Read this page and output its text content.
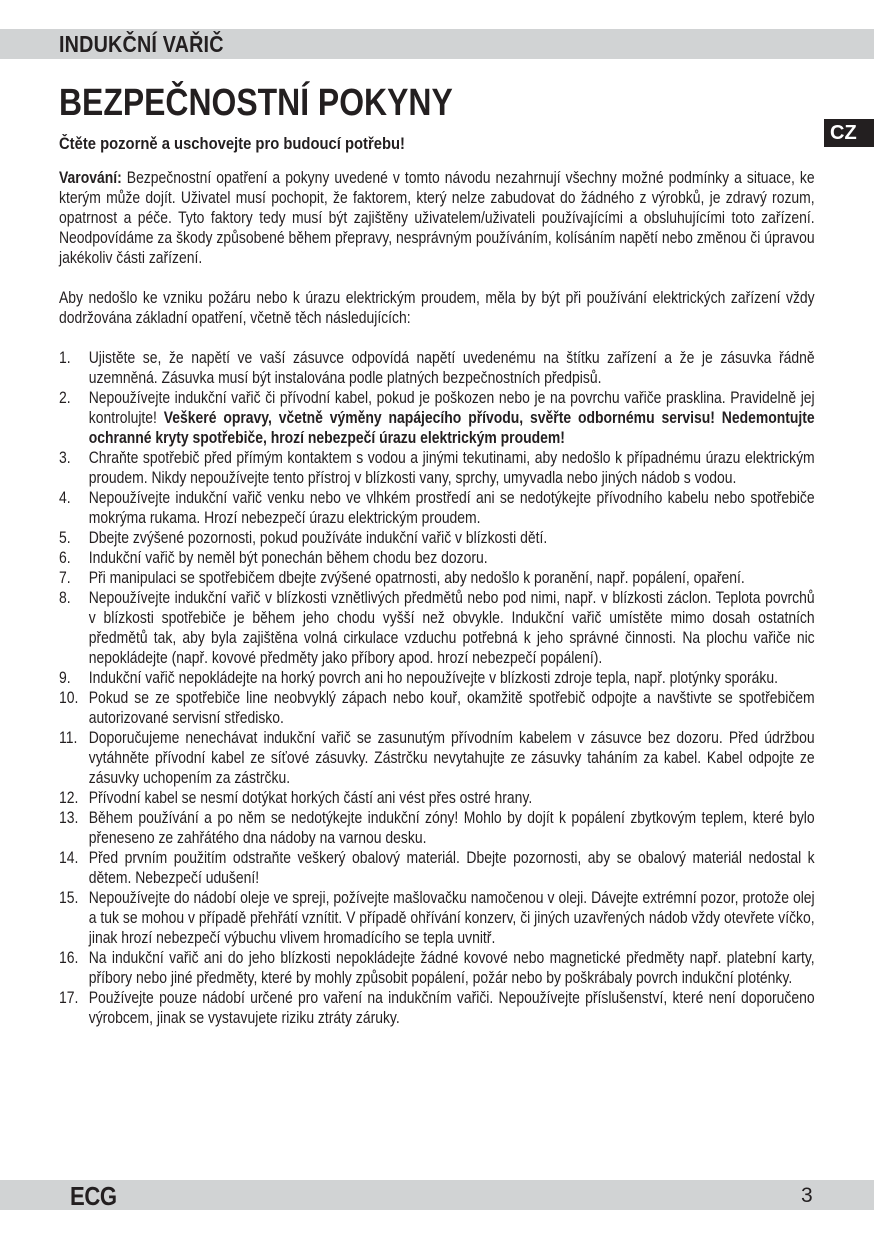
INDUKČNÍ VAŘIČ
BEZPEČNOSTNÍ POKYNY
Čtěte pozorně a uschovejte pro budoucí potřebu!	CZ

Varování: Bezpečnostní opatření a pokyny uvedené v tomto návodu nezahrnují všechny možné podmínky a situace, ke kterým může dojít. Uživatel musí pochopit, že faktorem, který nelze zabudovat do žádného z výrobků, je zdravý rozum, opatrnost a péče. Tyto faktory tedy musí být zajištěny uživatelem/uživateli používajícími a obsluhujícími toto zařízení. Neodpovídáme za škody způsobené během přepravy, nesprávným používáním, kolísáním napětí nebo změnou či úpravou jakékoliv části zařízení.

Aby nedošlo ke vzniku požáru nebo k úrazu elektrickým proudem, měla by být při používání elektrických zařízení vždy dodržována základní opatření, včetně těch následujících:

1. Ujistěte se, že napětí ve vaší zásuvce odpovídá napětí uvedenému na štítku zařízení a že je zásuvka řádně uzemněná. Zásuvka musí být instalována podle platných bezpečnostních předpisů.
2. Nepoužívejte indukční vařič či přívodní kabel, pokud je poškozen nebo je na povrchu vařiče prasklina. Pravidelně jej kontrolujte! Veškeré opravy, včetně výměny napájecího přívodu, svěřte odbornému servisu! Nedemontujte ochranné kryty spotřebiče, hrozí nebezpečí úrazu elektrickým proudem!
3. Chraňte spotřebič před přímým kontaktem s vodou a jinými tekutinami, aby nedošlo k případnému úrazu elektrickým proudem. Nikdy nepoužívejte tento přístroj v blízkosti vany, sprchy, umyvadla nebo jiných nádob s vodou.
4. Nepoužívejte indukční vařič venku nebo ve vlhkém prostředí ani se nedotýkejte přívodního kabelu nebo spotřebiče mokrýma rukama. Hrozí nebezpečí úrazu elektrickým proudem.
5. Dbejte zvýšené pozornosti, pokud používáte indukční vařič v blízkosti dětí.
6. Indukční vařič by neměl být ponechán během chodu bez dozoru.
7. Při manipulaci se spotřebičem dbejte zvýšené opatrnosti, aby nedošlo k poranění, např. popálení, opaření.
8. Nepoužívejte indukční vařič v blízkosti vznětlivých předmětů nebo pod nimi, např. v blízkosti záclon. Teplota povrchů v blízkosti spotřebiče je během jeho chodu vyšší než obvykle. Indukční vařič umístěte mimo dosah ostatních předmětů tak, aby byla zajištěna volná cirkulace vzduchu potřebná k jeho správné činnosti. Na plochu vařiče nic nepokládejte (např. kovové předměty jako příbory apod. hrozí nebezpečí popálení).
9. Indukční vařič nepokládejte na horký povrch ani ho nepoužívejte v blízkosti zdroje tepla, např. plotýnky sporáku.
10. Pokud se ze spotřebiče line neobvyklý zápach nebo kouř, okamžitě spotřebič odpojte a navštivte se spotřebičem autorizované servisní středisko.
11. Doporučujeme nenechávat indukční vařič se zasunutým přívodním kabelem v zásuvce bez dozoru. Před údržbou vytáhněte přívodní kabel ze síťové zásuvky. Zástrčku nevytahujte ze zásuvky taháním za kabel. Kabel odpojte ze zásuvky uchopením za zástrčku.
12. Přívodní kabel se nesmí dotýkat horkých částí ani vést přes ostré hrany.
13. Během používání a po něm se nedotýkejte indukční zóny! Mohlo by dojít k popálení zbytkovým teplem, které bylo přeneseno ze zahřátého dna nádoby na varnou desku.
14. Před prvním použitím odstraňte veškerý obalový materiál. Dbejte pozornosti, aby se obalový materiál nedostal k dětem. Nebezpečí udušení!
15. Nepoužívejte do nádobí oleje ve spreji, požívejte mašlovačku namočenou v oleji. Dávejte extrémní pozor, protože olej a tuk se mohou v případě přehřátí vznítit. V případě ohřívání konzerv, či jiných uzavřených nádob vždy otevřete víčko, jinak hrozí nebezpečí výbuchu vlivem hromadícího se tepla uvnitř.
16. Na indukční vařič ani do jeho blízkosti nepokládejte žádné kovové nebo magnetické předměty např. platební karty, příbory nebo jiné předměty, které by mohly způsobit popálení, požár nebo by poškrábaly povrch indukční ploténky.
17. Používejte pouze nádobí určené pro vaření na indukčním vařiči. Nepoužívejte příslušenství, které není doporučeno výrobcem, jinak se vystavujete riziku ztráty záruky.
ECG	3
